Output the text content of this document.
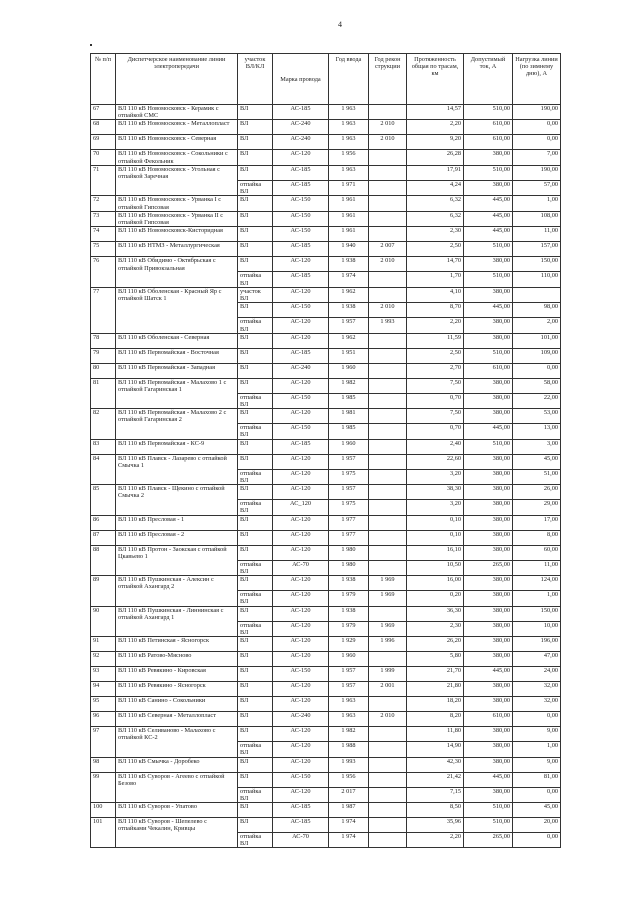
4
№ п/п	Диспетчерское наименование линии электропередачи	участок ВЛ/КЛ	Марка провода	Год ввода	Год рекон струкции	Протяженность общая по трасам, км	Допустимый ток, А	Нагрузка линии (по зимнему дню), А
67	ВЛ 110 кВ Новомосковск - Керамик с отпайкой СМС	ВЛ	АС-185	1 963		14,57	510,00	190,00
68	ВЛ 110 кВ Новомосковск - Металлопласт	ВЛ	АС-240	1 963	2 010	2,20	610,00	0,00
69	ВЛ 110 кВ Новомосковск - Северная	ВЛ	АС-240	1 963	2 010	9,20	610,00	0,00
70	ВЛ 110 кВ Новомосковск - Сокольники с отпайкой Фекольник	ВЛ	АС-120	1 956		26,28	380,00	7,00
71	ВЛ 110 кВ Новомосковск - Угольная с отпайкой Заречная	ВЛ	АС-185	1 963		17,91	510,00	190,00
		отпайка ВЛ	АС-185	1 971		4,24	380,00	57,00
72	ВЛ 110 кВ Новомосковск - Урванка I с отпайкой Гипсовая	ВЛ	АС-150	1 961		6,32	445,00	1,00
73	ВЛ 110 кВ Новомосковск - Урванка II с отпайкой Гипсовая	ВЛ	АС-150	1 961		6,32	445,00	108,00
74	ВЛ 110 кВ Новомосковск-Кисторидная	ВЛ	АС-150	1 961		2,30	445,00	11,00
75	ВЛ 110 кВ НТМЗ - Металлургическая	ВЛ	АС-185	1 940	2 007	2,50	510,00	157,00
76	ВЛ 110 кВ Обидимо - Октябрьская с отпайкой Привокзальная	ВЛ	АС-120	1 938	2 010	14,70	380,00	150,00
		отпайка ВЛ	АС-185	1 974		1,70	510,00	110,00
77	ВЛ 110 кВ Оболенская - Красный Яр с отпайкой Шатск 1	участок ВЛ	АС-120	1 962		4,10	380,00	
		ВЛ	АС-150	1 938	2 010	8,70	445,00	98,00
		отпайка ВЛ	АС-120	1 957	1 993	2,20	380,00	2,00
78	ВЛ 110 кВ Оболенская - Северная	ВЛ	АС-120	1 962		11,59	380,00	101,00
79	ВЛ 110 кВ Первомайская - Восточная	ВЛ	АС-185	1 951		2,50	510,00	109,00
80	ВЛ 110 кВ Первомайская - Западная	ВЛ	АС-240	1 960		2,70	610,00	0,00
81	ВЛ 110 кВ Первомайская - Малахово 1 с отпайкой Гагаринская 1	ВЛ	АС-120	1 982		7,50	380,00	58,00
		отпайка ВЛ	АС-150	1 985		0,70	380,00	22,00
82	ВЛ 110 кВ Первомайская - Малахово 2 с отпайкой Гагаринская 2	ВЛ	АС-120	1 981		7,50	380,00	53,00
		отпайка ВЛ	АС-150	1 985		0,70	445,00	13,00
83	ВЛ 110 кВ Первомайская - КС-9	ВЛ	АС-185	1 960		2,40	510,00	3,00
84	ВЛ 110 кВ Плавск - Лазарево с отпайкой Смычка 1	ВЛ	АС-120	1 957		22,60	380,00	45,00
		отпайка ВЛ	АС-120	1 975		3,20	380,00	51,00
85	ВЛ 110 кВ Плавск - Щекино с отпайкой Смычка 2	ВЛ	АС-120	1 957		38,30	380,00	26,00
		отпайка ВЛ	АС_120	1 975		3,20	380,00	29,00
86	ВЛ 110 кВ Пресловая - 1	ВЛ	АС-120	1 977		0,10	380,00	17,00
87	ВЛ 110 кВ Пресловая - 2	ВЛ	АС-120	1 977		0,10	380,00	8,00
88	ВЛ 110 кВ Протон - Заокская с отпайкой Цкавьево 1	ВЛ	АС-120	1 980		16,10	380,00	60,00
		отпайка ВЛ	АС-70	1 980		10,50	265,00	11,00
89	ВЛ 110 кВ Пушкинская - Алексин с отпайкой Ахангард 2	ВЛ	АС-120	1 938	1 969	16,00	380,00	124,00
		отпайка ВЛ	АС-120	1 979	1 969	0,20	380,00	1,00
90	ВЛ 110 кВ Пушкинская - Линнинская с отпайкой Ахангард 1	ВЛ	АС-120	1 938		36,30	380,00	150,00
		отпайка ВЛ	АС-120	1 979	1 969	2,30	380,00	10,00
91	ВЛ 110 кВ Петинская - Ясногорск	ВЛ	АС-120	1 929	1 996	26,20	380,00	196,00
92	ВЛ 110 кВ Ратово-Мясново	ВЛ	АС-120	1 960		5,80	380,00	47,00
93	ВЛ 110 кВ Ревякино - Кировская	ВЛ	АС-150	1 957	1 999	21,70	445,00	24,00
94	ВЛ 110 кВ Ревякино - Ясногорск	ВЛ	АС-120	1 957	2 001	21,80	380,00	32,00
95	ВЛ 110 кВ Санино - Сокольники	ВЛ	АС-120	1 963		18,20	380,00	32,00
96	ВЛ 110 кВ Северная - Металлопласт	ВЛ	АС-240	1 963	2 010	8,20	610,00	0,00
97	ВЛ 110 кВ Селиваново - Малахово с отпайкой КС-2	ВЛ	АС-120	1 982		11,80	380,00	9,00
		отпайка ВЛ	АС-120	1 988		14,90	380,00	1,00
98	ВЛ 110 кВ Смычка - Доробеко	ВЛ	АС-120	1 993		42,30	380,00	9,00
99	ВЛ 110 кВ Суворов - Агеево с отпайкой Безово	ВЛ	АС-150	1 956		21,42	445,00	81,00
		отпайка ВЛ	АС-120	2 017		7,15	380,00	0,00
100	ВЛ 110 кВ Суворов - Упатово	ВЛ	АС-185	1 987		8,50	510,00	45,00
101	ВЛ 110 кВ Суворов - Шепелево с отпайками Чекалин, Кривцы	ВЛ	АС-185	1 974		35,96	510,00	20,00
		отпайка ВЛ	АС-70	1 974		2,20	265,00	0,00
